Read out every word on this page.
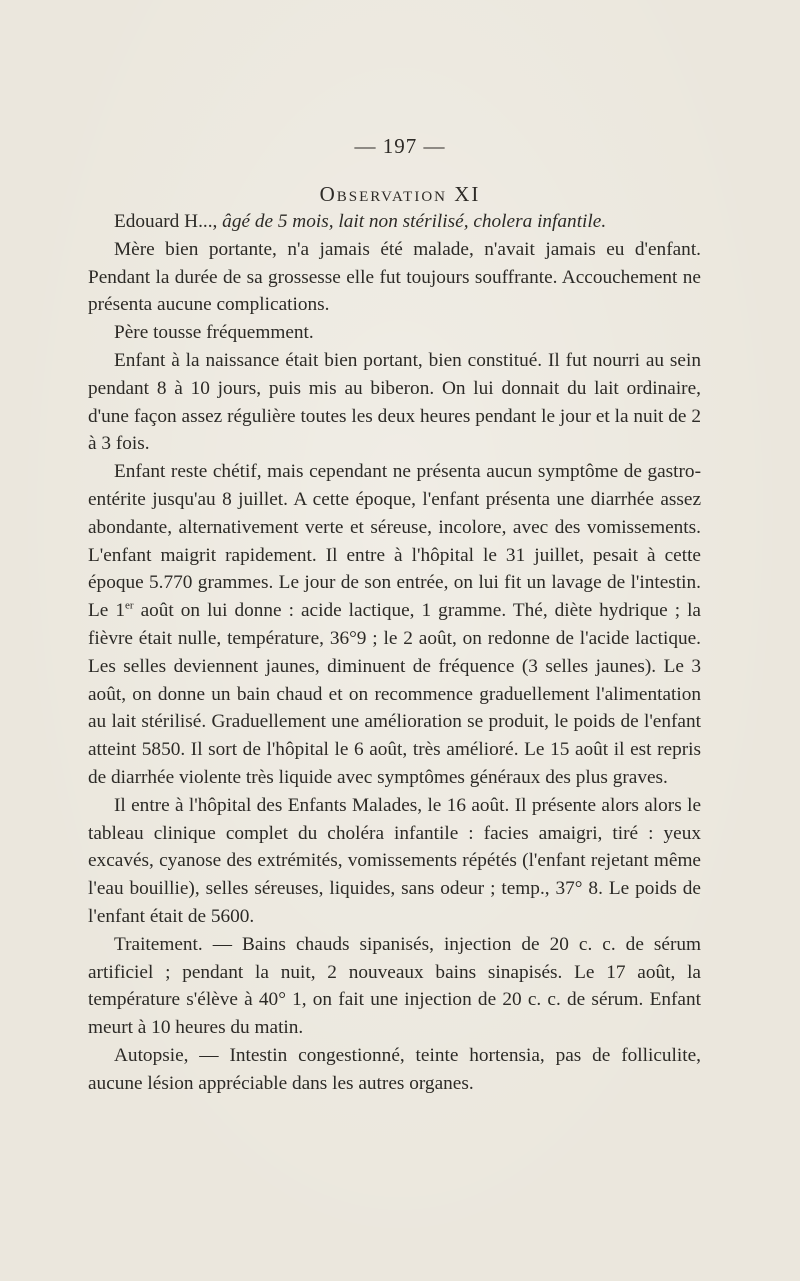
— 197 —
Observation XI

Edouard H..., âgé de 5 mois, lait non stérilisé, cholera infantile.

Mère bien portante, n'a jamais été malade, n'avait jamais eu d'enfant. Pendant la durée de sa grossesse elle fut toujours souffrante. Accouchement ne présenta aucune complications.

Père tousse fréquemment.

Enfant à la naissance était bien portant, bien constitué. Il fut nourri au sein pendant 8 à 10 jours, puis mis au biberon. On lui donnait du lait ordinaire, d'une façon assez régulière toutes les deux heures pendant le jour et la nuit de 2 à 3 fois.

Enfant reste chétif, mais cependant ne présenta aucun symptôme de gastro-entérite jusqu'au 8 juillet. A cette époque, l'enfant présenta une diarrhée assez abondante, alternativement verte et séreuse, incolore, avec des vomissements. L'enfant maigrit rapidement. Il entre à l'hôpital le 31 juillet, pesait à cette époque 5.770 grammes. Le jour de son entrée, on lui fit un lavage de l'intestin. Le 1er août on lui donne : acide lactique, 1 gramme. Thé, diète hydrique ; la fièvre était nulle, température, 36°9 ; le 2 août, on redonne de l'acide lactique. Les selles deviennent jaunes, diminuent de fréquence (3 selles jaunes). Le 3 août, on donne un bain chaud et on recommence graduellement l'alimentation au lait stérilisé. Graduellement une amélioration se produit, le poids de l'enfant atteint 5850. Il sort de l'hôpital le 6 août, très amélioré. Le 15 août il est repris de diarrhée violente très liquide avec symptômes généraux des plus graves.

Il entre à l'hôpital des Enfants Malades, le 16 août. Il présente alors alors le tableau clinique complet du choléra infantile : facies amaigri, tiré : yeux excavés, cyanose des extrémités, vomissements répétés (l'enfant rejetant même l'eau bouillie), selles séreuses, liquides, sans odeur ; temp., 37° 8. Le poids de l'enfant était de 5600.

Traitement. — Bains chauds sipanisés, injection de 20 c. c. de sérum artificiel ; pendant la nuit, 2 nouveaux bains sinapisés. Le 17 août, la température s'élève à 40° 1, on fait une injection de 20 c. c. de sérum. Enfant meurt à 10 heures du matin.

Autopsie, — Intestin congestionné, teinte hortensia, pas de folliculite, aucune lésion appréciable dans les autres organes.
